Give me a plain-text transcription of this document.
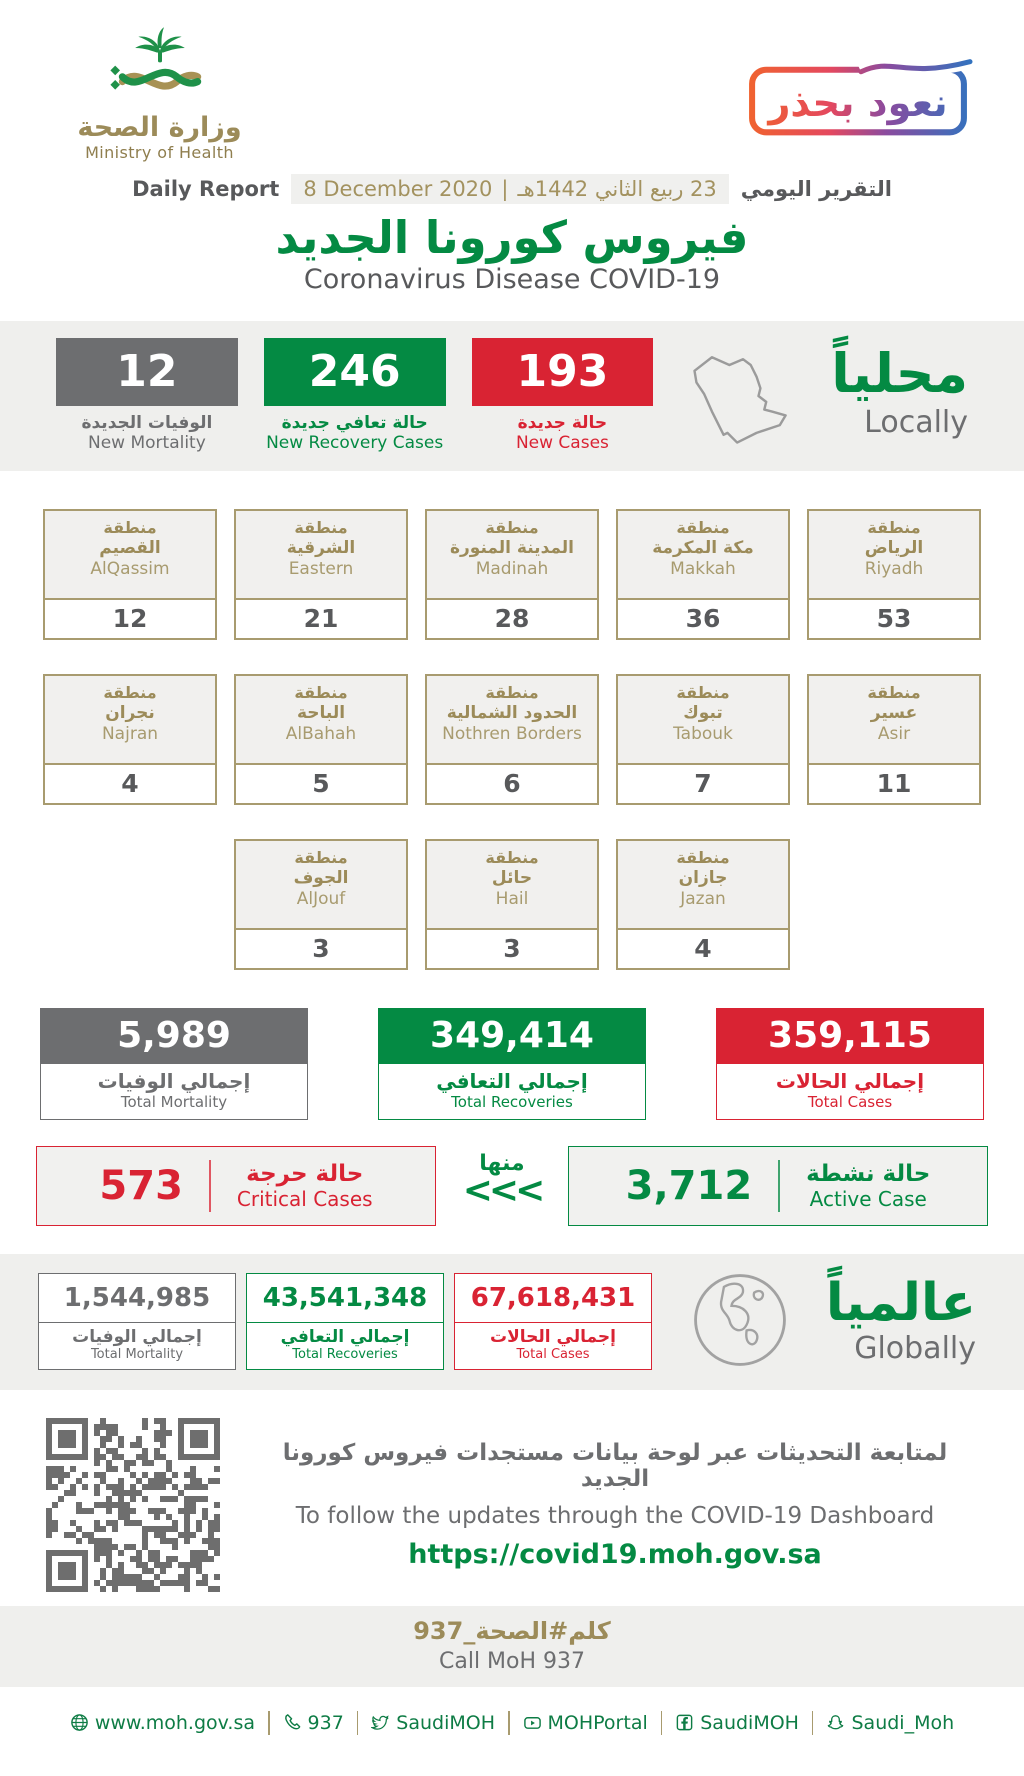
وزارة الصحة
Ministry of Health
نعود بحذر
Daily Report 8 December 2020 | 23 ربيع الثاني 1442هـ التقرير اليومي
فيروس كورونا الجديد
Coronavirus Disease COVID-19
12
الوفيات الجديدة
New Mortality
246
حالة تعافي جديدة
New Recovery Cases
193
حالة جديدة
New Cases
محلياً
Locally
منطقة
القصيم
AlQassim
12
منطقة
الشرقية
Eastern
21
منطقة
المدينة المنورة
Madinah
28
منطقة
مكة المكرمة
Makkah
36
منطقة
الرياض
Riyadh
53
منطقة
نجران
Najran
4
منطقة
الباحة
AlBahah
5
منطقة
الحدود الشمالية
Nothren Borders
6
منطقة
تبوك
Tabouk
7
منطقة
عسير
Asir
11
منطقة
الجوف
AlJouf
3
منطقة
حائل
Hail
3
منطقة
جازان
Jazan
4
5,989
إجمالي الوفيات
Total Mortality
349,414
إجمالي التعافي
Total Recoveries
359,115
إجمالي الحالات
Total Cases
573	حالة حرجة
Critical Cases
منها
<<< 3,712 حالة نشطة
Active Case
1,544,985
إجمالي الوفيات
Total Mortality
43,541,348
إجمالي التعافي
Total Recoveries
67,618,431
إجمالي الحالات
Total Cases
عالمياً
Globally
لمتابعة التحديثات عبر لوحة بيانات مستجدات فيروس كورونا الجديد
To follow the updates through the COVID-19 Dashboard
https://covid19.moh.gov.sa
كلم#الصحة_937
Call MoH 937
www.moh.gov.sa	937	SaudiMOH	MOHPortal	SaudiMOH	Saudi_Moh
